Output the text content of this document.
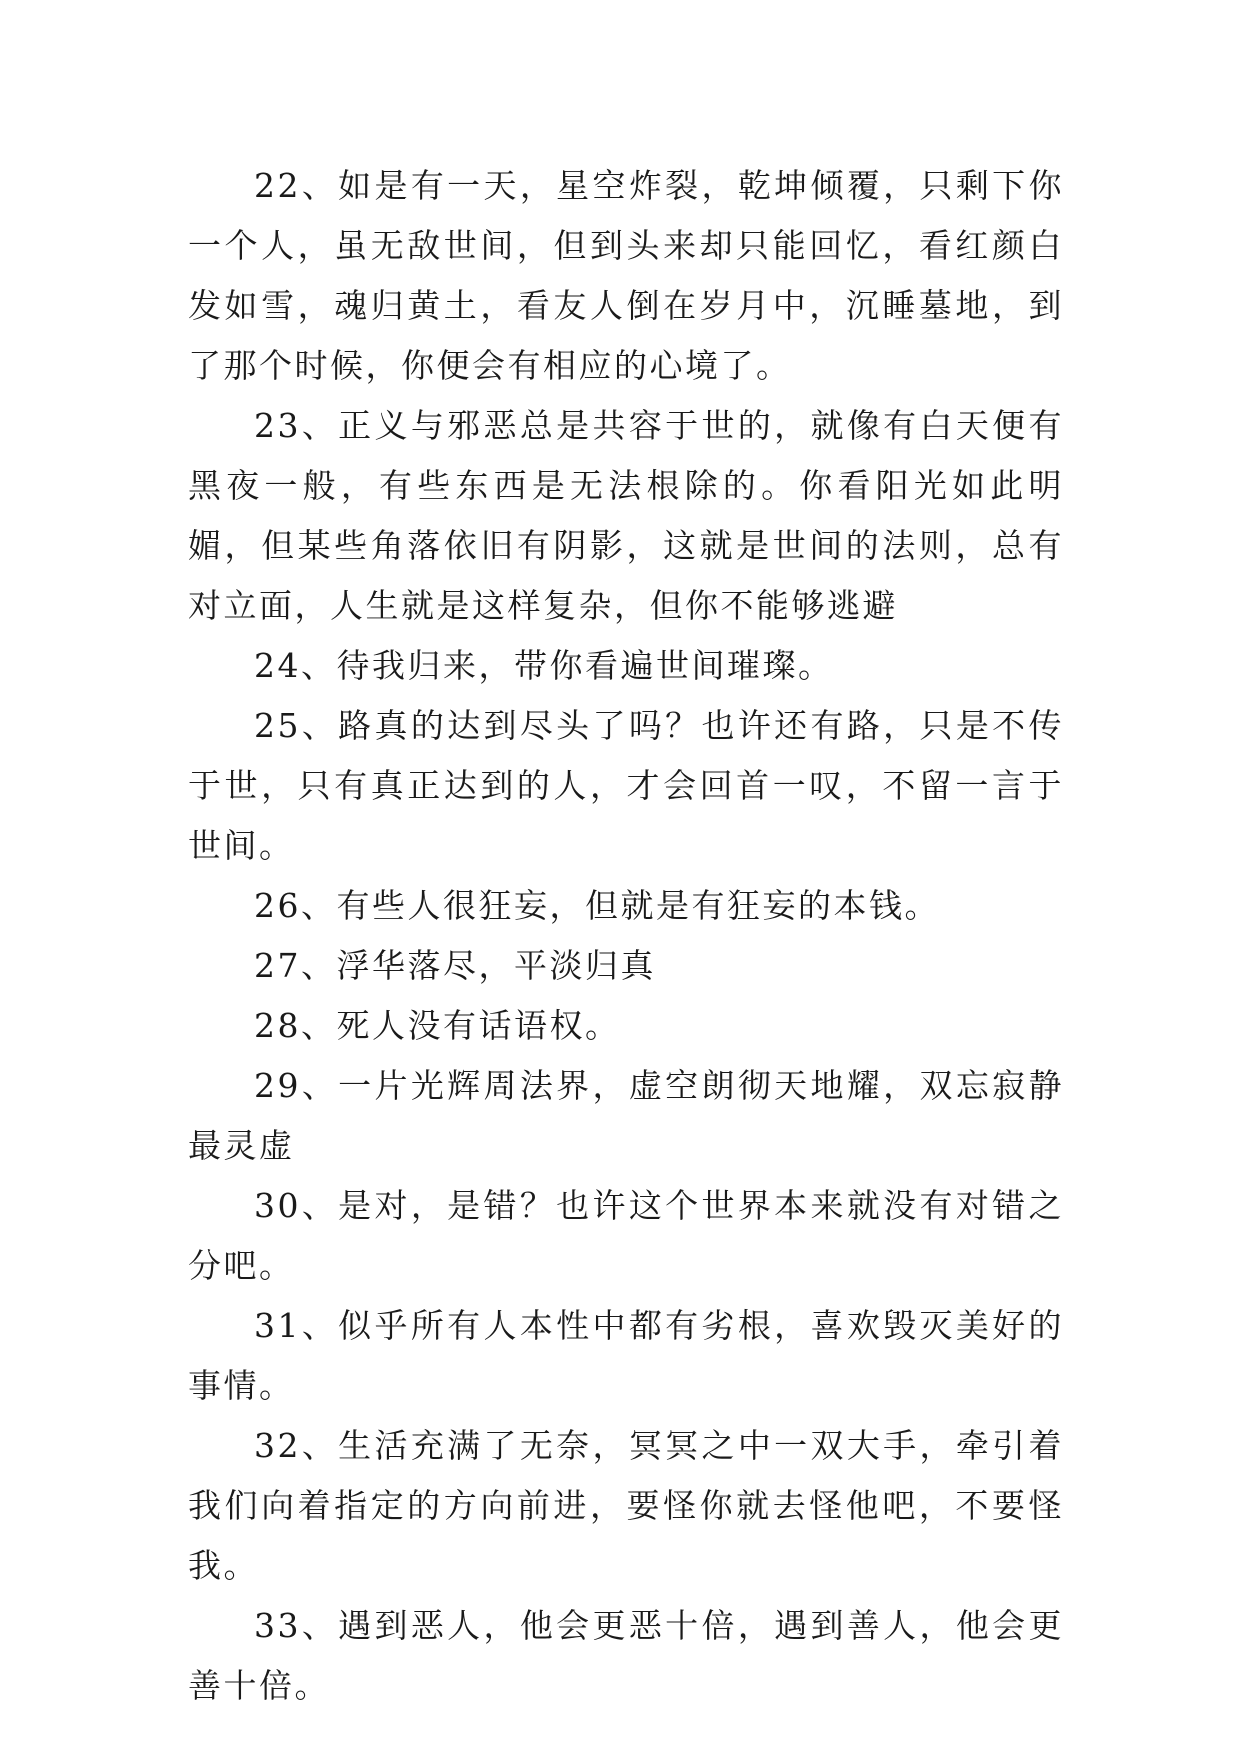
22、如是有一天，星空炸裂，乾坤倾覆，只剩下你一个人，虽无敌世间，但到头来却只能回忆，看红颜白发如雪，魂归黄土，看友人倒在岁月中，沉睡墓地，到了那个时候，你便会有相应的心境了。

23、正义与邪恶总是共容于世的，就像有白天便有黑夜一般，有些东西是无法根除的。你看阳光如此明媚，但某些角落依旧有阴影，这就是世间的法则，总有对立面，人生就是这样复杂，但你不能够逃避

24、待我归来，带你看遍世间璀璨。

25、路真的达到尽头了吗？也许还有路，只是不传于世，只有真正达到的人，才会回首一叹，不留一言于世间。

26、有些人很狂妄，但就是有狂妄的本钱。

27、浮华落尽，平淡归真

28、死人没有话语权。

29、一片光辉周法界，虚空朗彻天地耀，双忘寂静最灵虚

30、是对，是错？也许这个世界本来就没有对错之分吧。

31、似乎所有人本性中都有劣根，喜欢毁灭美好的事情。

32、生活充满了无奈，冥冥之中一双大手，牵引着我们向着指定的方向前进，要怪你就去怪他吧，不要怪我。

33、遇到恶人，他会更恶十倍，遇到善人，他会更善十倍。
